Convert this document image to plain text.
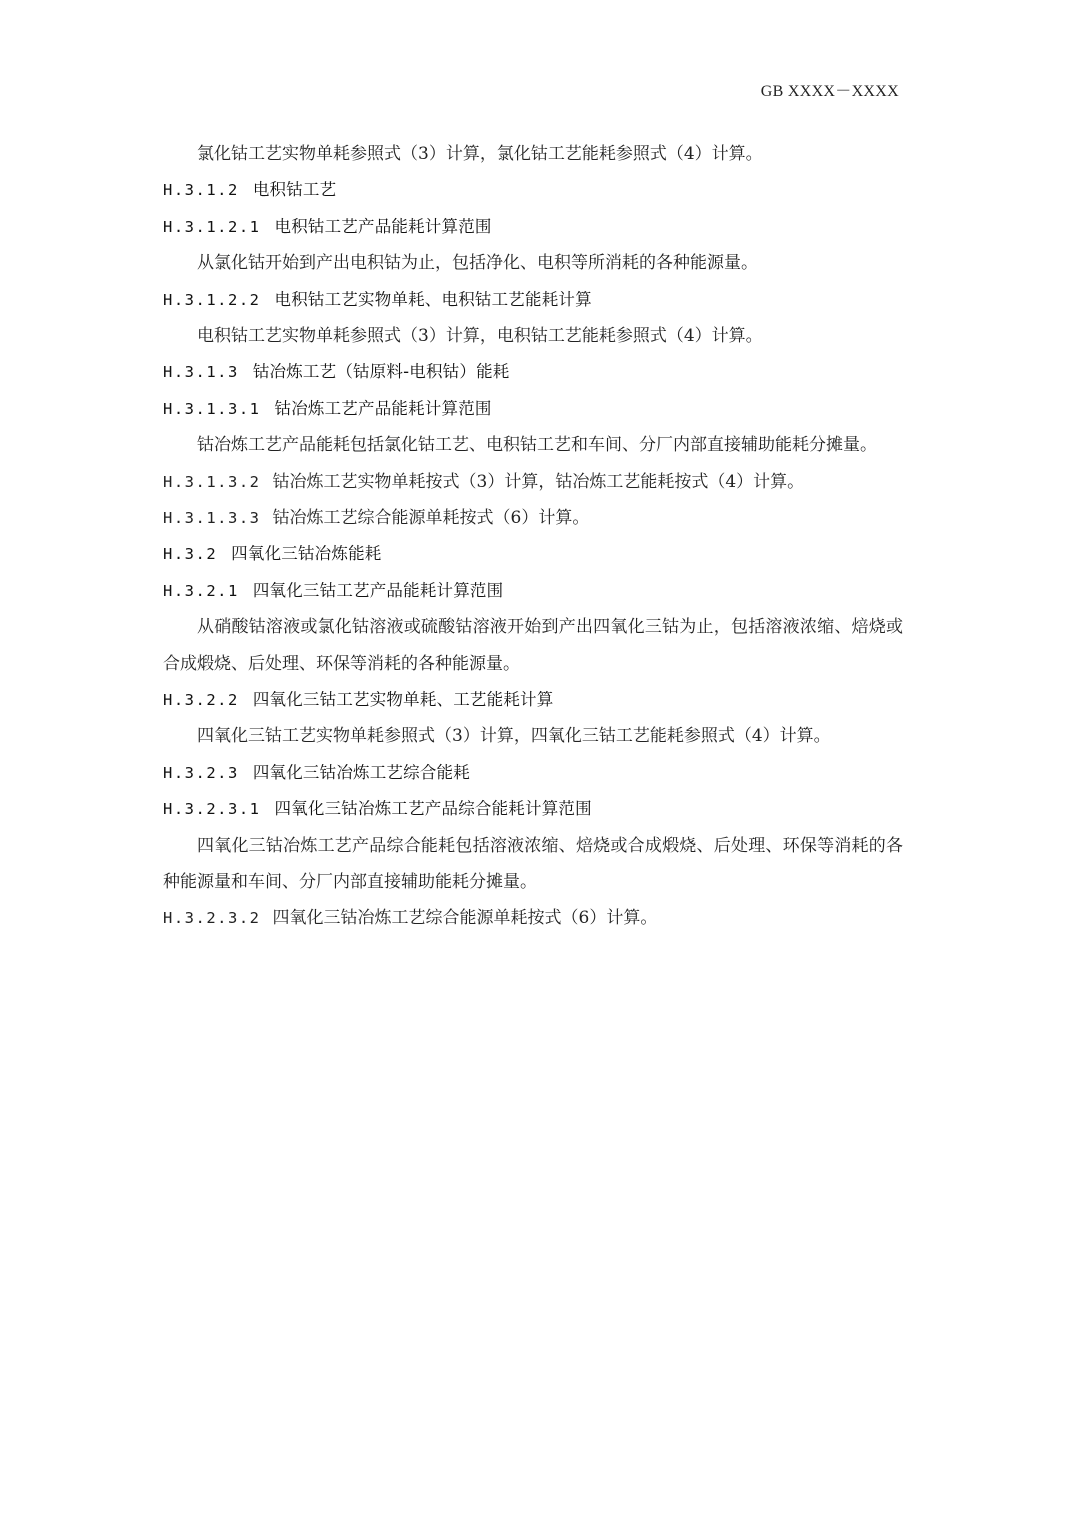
GB XXXX－XXXX
氯化钴工艺实物单耗参照式（3）计算，氯化钴工艺能耗参照式（4）计算。
H.3.1.2 电积钴工艺
H.3.1.2.1 电积钴工艺产品能耗计算范围
从氯化钴开始到产出电积钴为止，包括净化、电积等所消耗的各种能源量。
H.3.1.2.2 电积钴工艺实物单耗、电积钴工艺能耗计算
电积钴工艺实物单耗参照式（3）计算，电积钴工艺能耗参照式（4）计算。
H.3.1.3 钴冶炼工艺（钴原料-电积钴）能耗
H.3.1.3.1 钴冶炼工艺产品能耗计算范围
钴冶炼工艺产品能耗包括氯化钴工艺、电积钴工艺和车间、分厂内部直接辅助能耗分摊量。
H.3.1.3.2 钴冶炼工艺实物单耗按式（3）计算，钴冶炼工艺能耗按式（4）计算。
H.3.1.3.3 钴冶炼工艺综合能源单耗按式（6）计算。
H.3.2 四氧化三钴冶炼能耗
H.3.2.1 四氧化三钴工艺产品能耗计算范围
从硝酸钴溶液或氯化钴溶液或硫酸钴溶液开始到产出四氧化三钴为止，包括溶液浓缩、焙烧或合成煅烧、后处理、环保等消耗的各种能源量。
H.3.2.2 四氧化三钴工艺实物单耗、工艺能耗计算
四氧化三钴工艺实物单耗参照式（3）计算，四氧化三钴工艺能耗参照式（4）计算。
H.3.2.3 四氧化三钴冶炼工艺综合能耗
H.3.2.3.1 四氧化三钴冶炼工艺产品综合能耗计算范围
四氧化三钴冶炼工艺产品综合能耗包括溶液浓缩、焙烧或合成煅烧、后处理、环保等消耗的各种能源量和车间、分厂内部直接辅助能耗分摊量。
H.3.2.3.2 四氧化三钴冶炼工艺综合能源单耗按式（6）计算。
